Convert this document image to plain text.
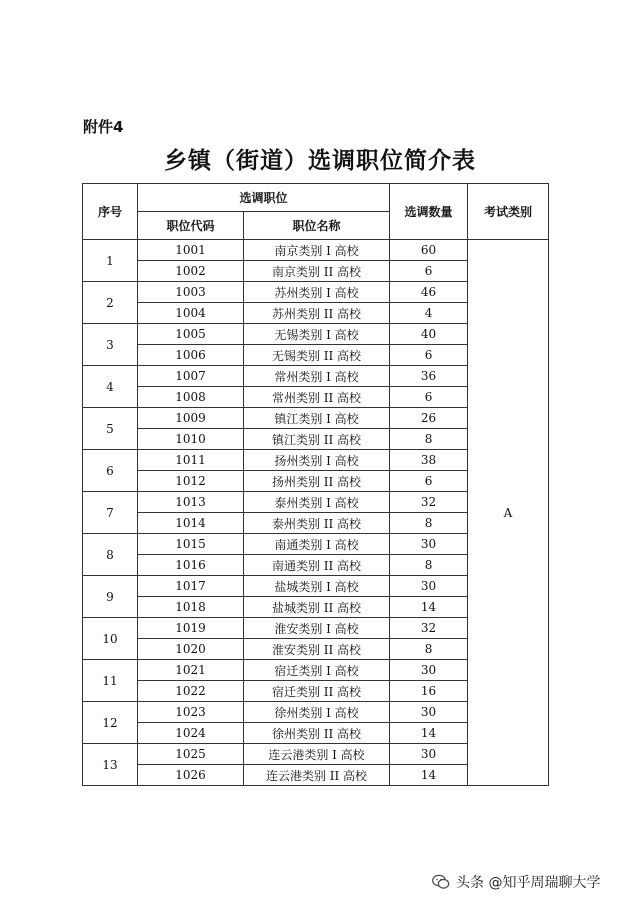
附件4
乡镇（街道）选调职位简介表
序号	选调职位		选调数量	考试类别
	职位代码	职位名称		
1	1001	南京类别 I 高校	60	A
	1002	南京类别 II 高校	6	
2	1003	苏州类别 I 高校	46	
	1004	苏州类别 II 高校	4	
3	1005	无锡类别 I 高校	40	
	1006	无锡类别 II 高校	6	
4	1007	常州类别 I 高校	36	
	1008	常州类别 II 高校	6	
5	1009	镇江类别 I 高校	26	
	1010	镇江类别 II 高校	8	
6	1011	扬州类别 I 高校	38	
	1012	扬州类别 II 高校	6	
7	1013	泰州类别 I 高校	32	
	1014	泰州类别 II 高校	8	
8	1015	南通类别 I 高校	30	
	1016	南通类别 II 高校	8	
9	1017	盐城类别 I 高校	30	
	1018	盐城类别 II 高校	14	
10	1019	淮安类别 I 高校	32	
	1020	淮安类别 II 高校	8	
11	1021	宿迁类别 I 高校	30	
	1022	宿迁类别 II 高校	16	
12	1023	徐州类别 I 高校	30	
	1024	徐州类别 II 高校	14	
13	1025	连云港类别 I 高校	30	
	1026	连云港类别 II 高校	14	
头条 @知乎周瑞聊大学
